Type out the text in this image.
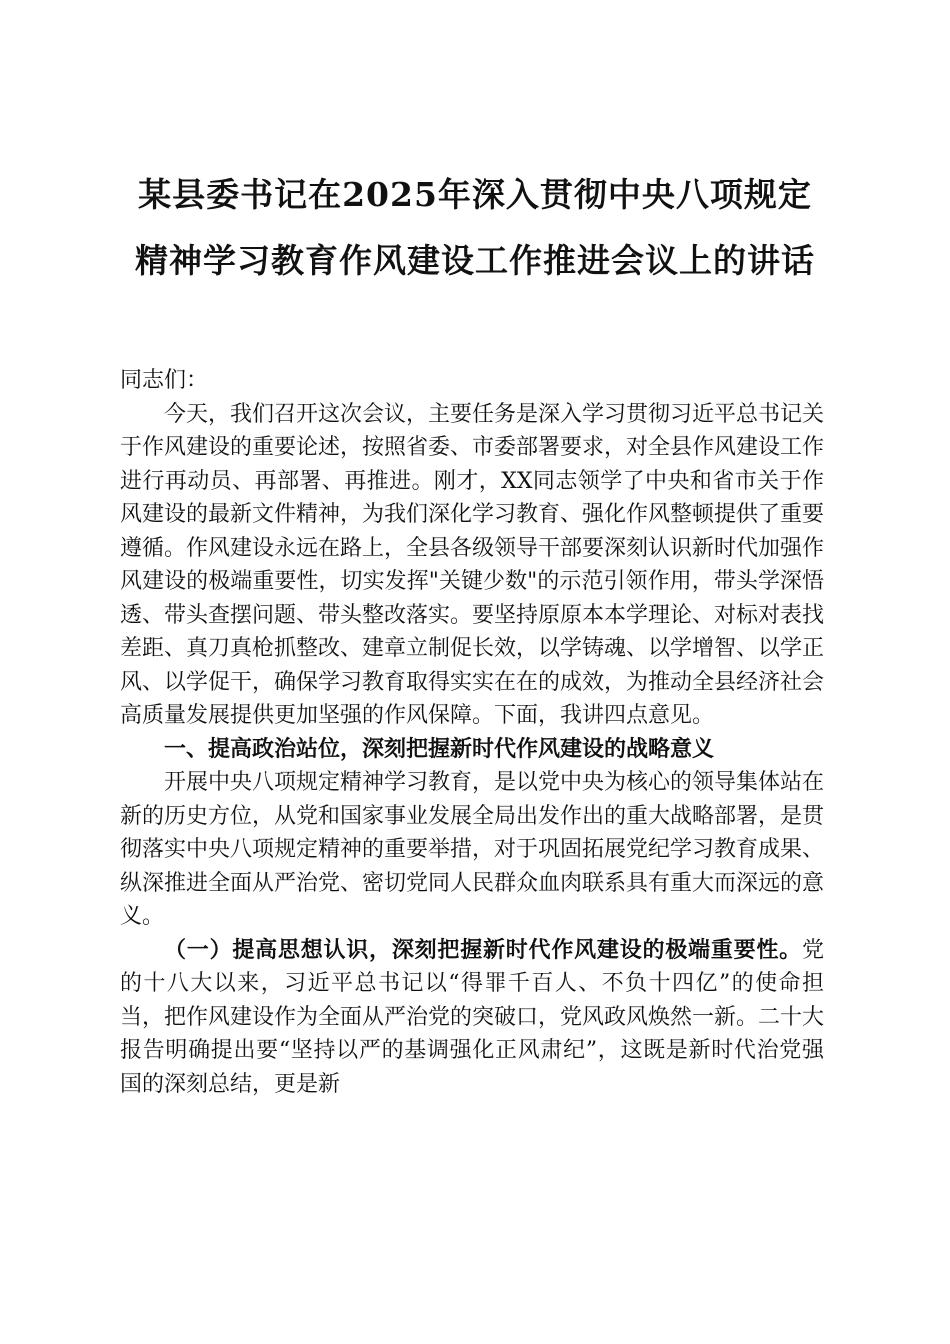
某县委书记在2025年深入贯彻中央八项规定
精神学习教育作风建设工作推进会议上的讲话

同志们：

今天，我们召开这次会议，主要任务是深入学习贯彻习近平总书记关于作风建设的重要论述，按照省委、市委部署要求，对全县作风建设工作进行再动员、再部署、再推进。刚才，XX同志领学了中央和省市关于作风建设的最新文件精神，为我们深化学习教育、强化作风整顿提供了重要遵循。作风建设永远在路上，全县各级领导干部要深刻认识新时代加强作风建设的极端重要性，切实发挥"关键少数"的示范引领作用，带头学深悟透、带头查摆问题、带头整改落实。要坚持原原本本学理论、对标对表找差距、真刀真枪抓整改、建章立制促长效，以学铸魂、以学增智、以学正风、以学促干，确保学习教育取得实实在在的成效，为推动全县经济社会高质量发展提供更加坚强的作风保障。下面，我讲四点意见。

一、提高政治站位，深刻把握新时代作风建设的战略意义

开展中央八项规定精神学习教育，是以党中央为核心的领导集体站在新的历史方位，从党和国家事业发展全局出发作出的重大战略部署，是贯彻落实中央八项规定精神的重要举措，对于巩固拓展党纪学习教育成果、纵深推进全面从严治党、密切党同人民群众血肉联系具有重大而深远的意义。

（一）提高思想认识，深刻把握新时代作风建设的极端重要性。党的十八大以来，习近平总书记以“得罪千百人、不负十四亿”的使命担当，把作风建设作为全面从严治党的突破口，党风政风焕然一新。二十大报告明确提出要“坚持以严的基调强化正风肃纪”，这既是新时代治党强国的深刻总结，更是新
